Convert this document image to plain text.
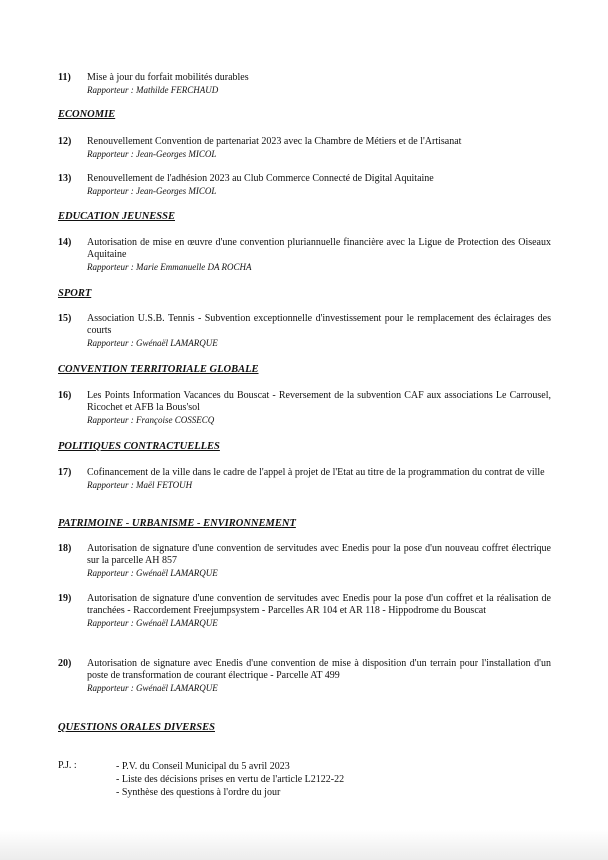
11) Mise à jour du forfait mobilités durables
Rapporteur : Mathilde FERCHAUD
ECONOMIE
12) Renouvellement Convention de partenariat 2023 avec la Chambre de Métiers et de l'Artisanat
Rapporteur : Jean-Georges MICOL
13) Renouvellement de l'adhésion 2023 au Club Commerce Connecté de Digital Aquitaine
Rapporteur : Jean-Georges MICOL
EDUCATION JEUNESSE
14) Autorisation de mise en œuvre d'une convention pluriannuelle financière avec la Ligue de Protection des Oiseaux Aquitaine
Rapporteur : Marie Emmanuelle DA ROCHA
SPORT
15) Association U.S.B. Tennis - Subvention exceptionnelle d'investissement pour le remplacement des éclairages des courts
Rapporteur : Gwénaël LAMARQUE
CONVENTION TERRITORIALE GLOBALE
16) Les Points Information Vacances du Bouscat - Reversement de la subvention CAF aux associations Le Carrousel, Ricochet et AFB la Bous'sol
Rapporteur : Françoise COSSECQ
POLITIQUES CONTRACTUELLES
17) Cofinancement de la ville dans le cadre de l'appel à projet de l'Etat au titre de la programmation du contrat de ville
Rapporteur : Maël FETOUH
PATRIMOINE - URBANISME - ENVIRONNEMENT
18) Autorisation de signature d'une convention de servitudes avec Enedis pour la pose d'un nouveau coffret électrique sur la parcelle AH 857
Rapporteur : Gwénaël LAMARQUE
19) Autorisation de signature d'une convention de servitudes avec Enedis pour la pose d'un coffret et la réalisation de tranchées - Raccordement Freejumpsystem - Parcelles AR 104 et AR 118 - Hippodrome du Bouscat
Rapporteur : Gwénaël LAMARQUE
20) Autorisation de signature avec Enedis d'une convention de mise à disposition d'un terrain pour l'installation d'un poste de transformation de courant électrique - Parcelle AT 499
Rapporteur : Gwénaël LAMARQUE
QUESTIONS ORALES DIVERSES
P.J. :	- P.V. du Conseil Municipal du 5 avril 2023
- Liste des décisions prises en vertu de l'article L2122-22
- Synthèse des questions à l'ordre du jour
